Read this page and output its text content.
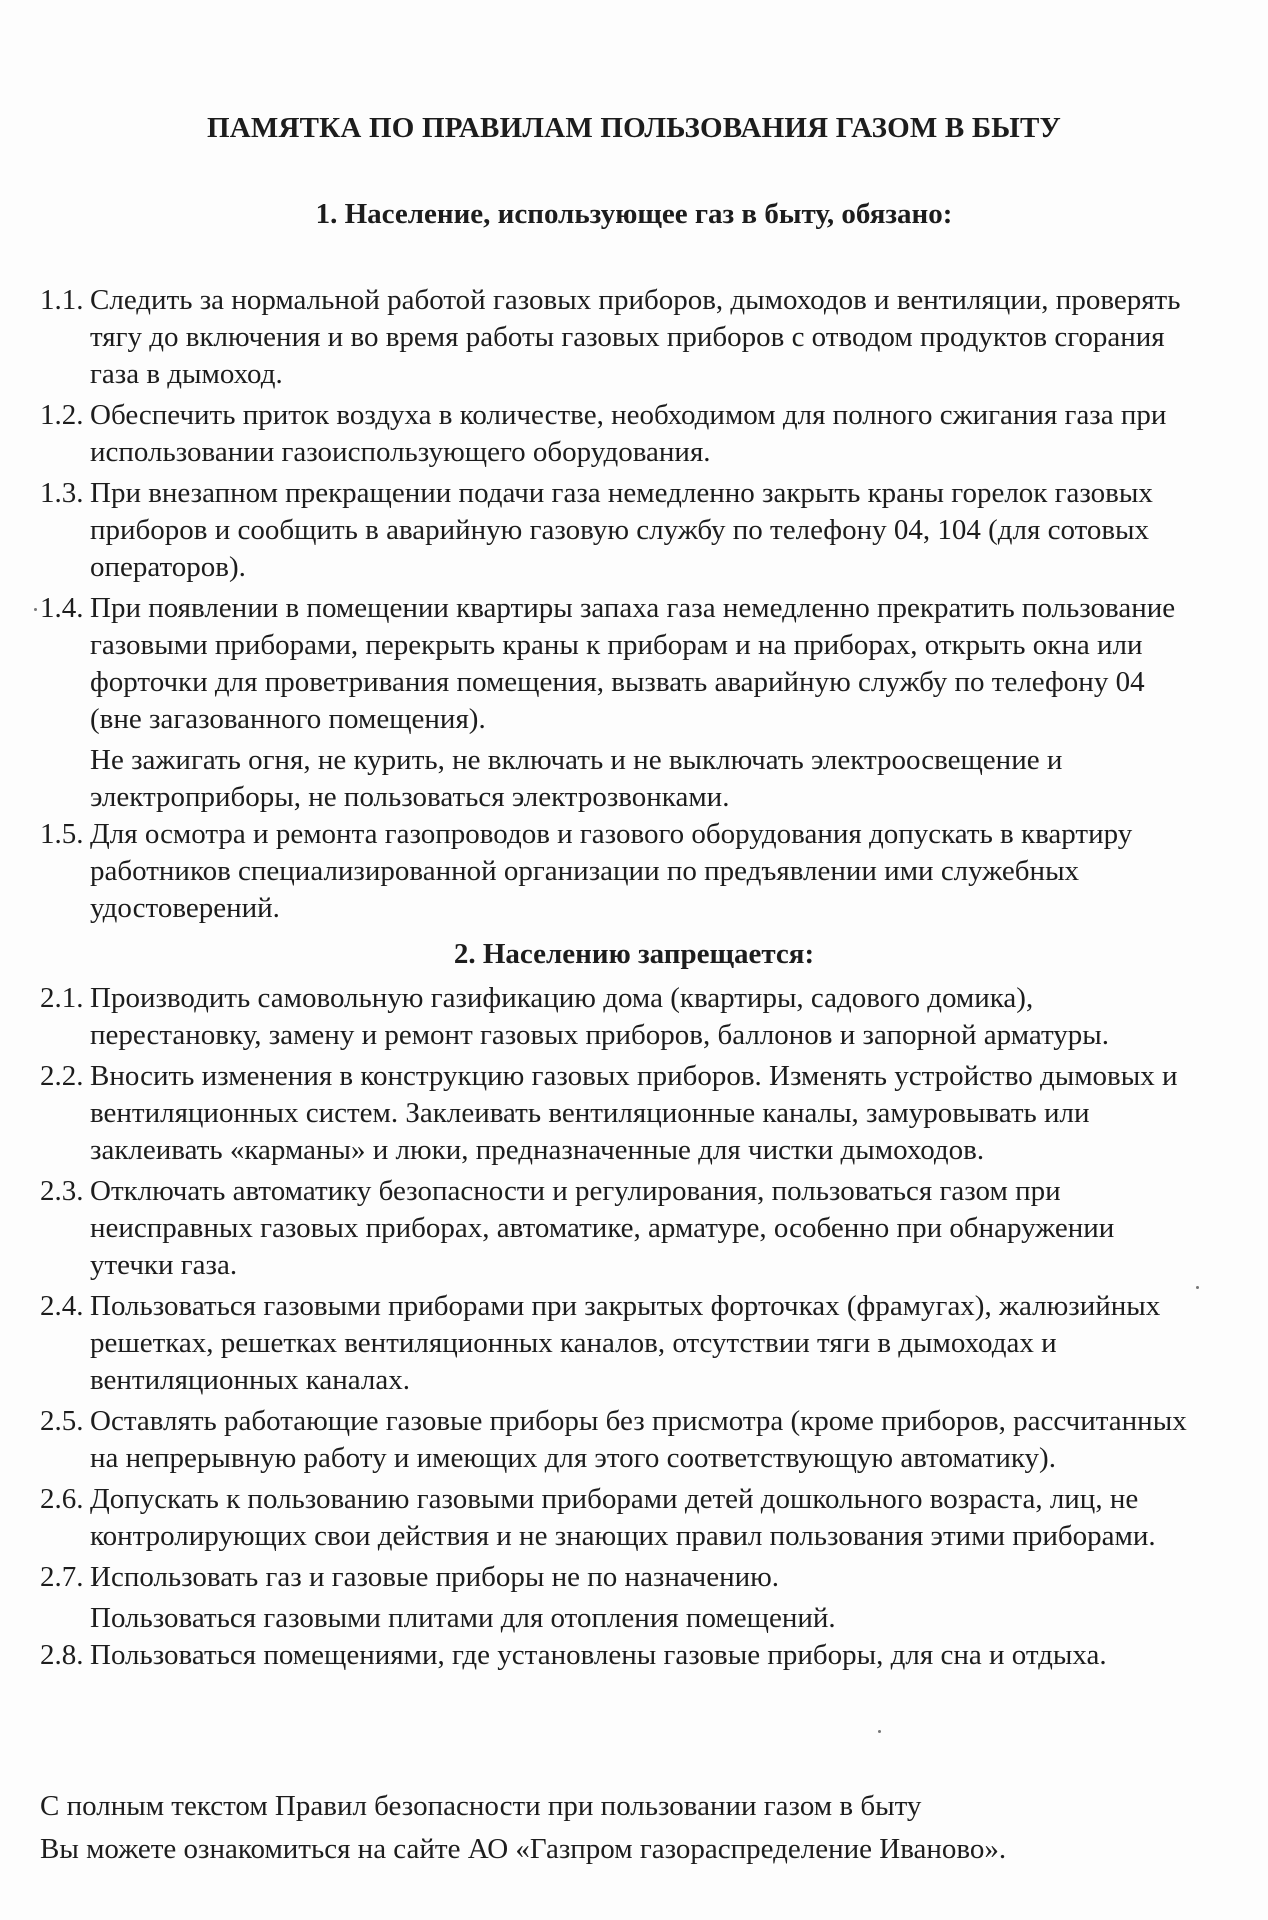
ПАМЯТКА ПО ПРАВИЛАМ ПОЛЬЗОВАНИЯ ГАЗОМ В БЫТУ
1. Население, использующее газ в быту, обязано:
1.1. Следить за нормальной работой газовых приборов, дымоходов и вентиляции, проверять тягу до включения и во время работы газовых приборов с отводом продуктов сгорания газа в дымоход.
1.2. Обеспечить приток воздуха в количестве, необходимом для полного сжигания газа при использовании газоиспользующего оборудования.
1.3. При внезапном прекращении подачи газа немедленно закрыть краны горелок газовых приборов и сообщить в аварийную газовую службу по телефону 04, 104 (для сотовых операторов).
1.4. При появлении в помещении квартиры запаха газа немедленно прекратить пользование газовыми приборами, перекрыть краны к приборам и на приборах, открыть окна или форточки для проветривания помещения, вызвать аварийную службу по телефону 04 (вне загазованного помещения).
Не зажигать огня, не курить, не включать и не выключать электроосвещение и электроприборы, не пользоваться электрозвонками.
1.5. Для осмотра и ремонта газопроводов и газового оборудования допускать в квартиру работников специализированной организации по предъявлении ими служебных удостоверений.
2. Населению запрещается:
2.1. Производить самовольную газификацию дома (квартиры, садового домика), перестановку, замену и ремонт газовых приборов, баллонов и запорной арматуры.
2.2. Вносить изменения в конструкцию газовых приборов. Изменять устройство дымовых и вентиляционных систем. Заклеивать вентиляционные каналы, замуровывать или заклеивать «карманы» и люки, предназначенные для чистки дымоходов.
2.3. Отключать автоматику безопасности и регулирования, пользоваться газом при неисправных газовых приборах, автоматике, арматуре, особенно при обнаружении утечки газа.
2.4. Пользоваться газовыми приборами при закрытых форточках (фрамугах), жалюзийных решетках, решетках вентиляционных каналов, отсутствии тяги в дымоходах и вентиляционных каналах.
2.5. Оставлять работающие газовые приборы без присмотра (кроме приборов, рассчитанных на непрерывную работу и имеющих для этого соответствующую автоматику).
2.6. Допускать к пользованию газовыми приборами детей дошкольного возраста, лиц, не контролирующих свои действия и не знающих правил пользования этими приборами.
2.7. Использовать газ и газовые приборы не по назначению.
Пользоваться газовыми плитами для отопления помещений.
2.8. Пользоваться помещениями, где установлены газовые приборы, для сна и отдыха.

С полным текстом Правил безопасности при пользовании газом в быту

Вы можете ознакомиться на сайте АО «Газпром газораспределение Иваново».
